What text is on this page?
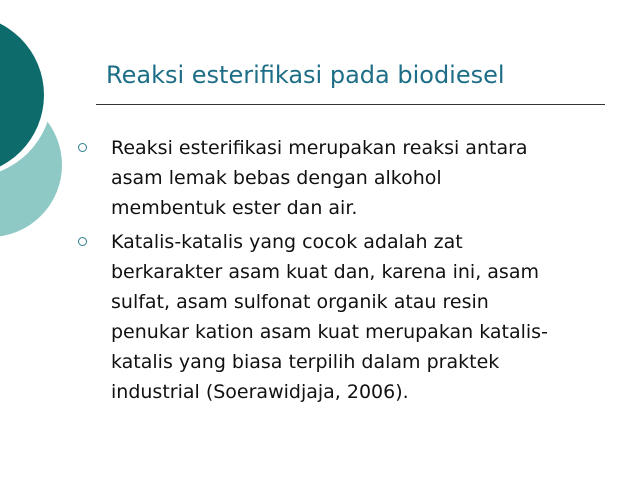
Reaksi esterifikasi pada biodiesel
Reaksi esterifikasi merupakan reaksi antara
asam lemak bebas dengan alkohol
membentuk ester dan air.
Katalis-katalis yang cocok adalah zat
berkarakter asam kuat dan, karena ini, asam
sulfat, asam sulfonat organik atau resin
penukar kation asam kuat merupakan katalis-
katalis yang biasa terpilih dalam praktek
industrial (Soerawidjaja, 2006).
